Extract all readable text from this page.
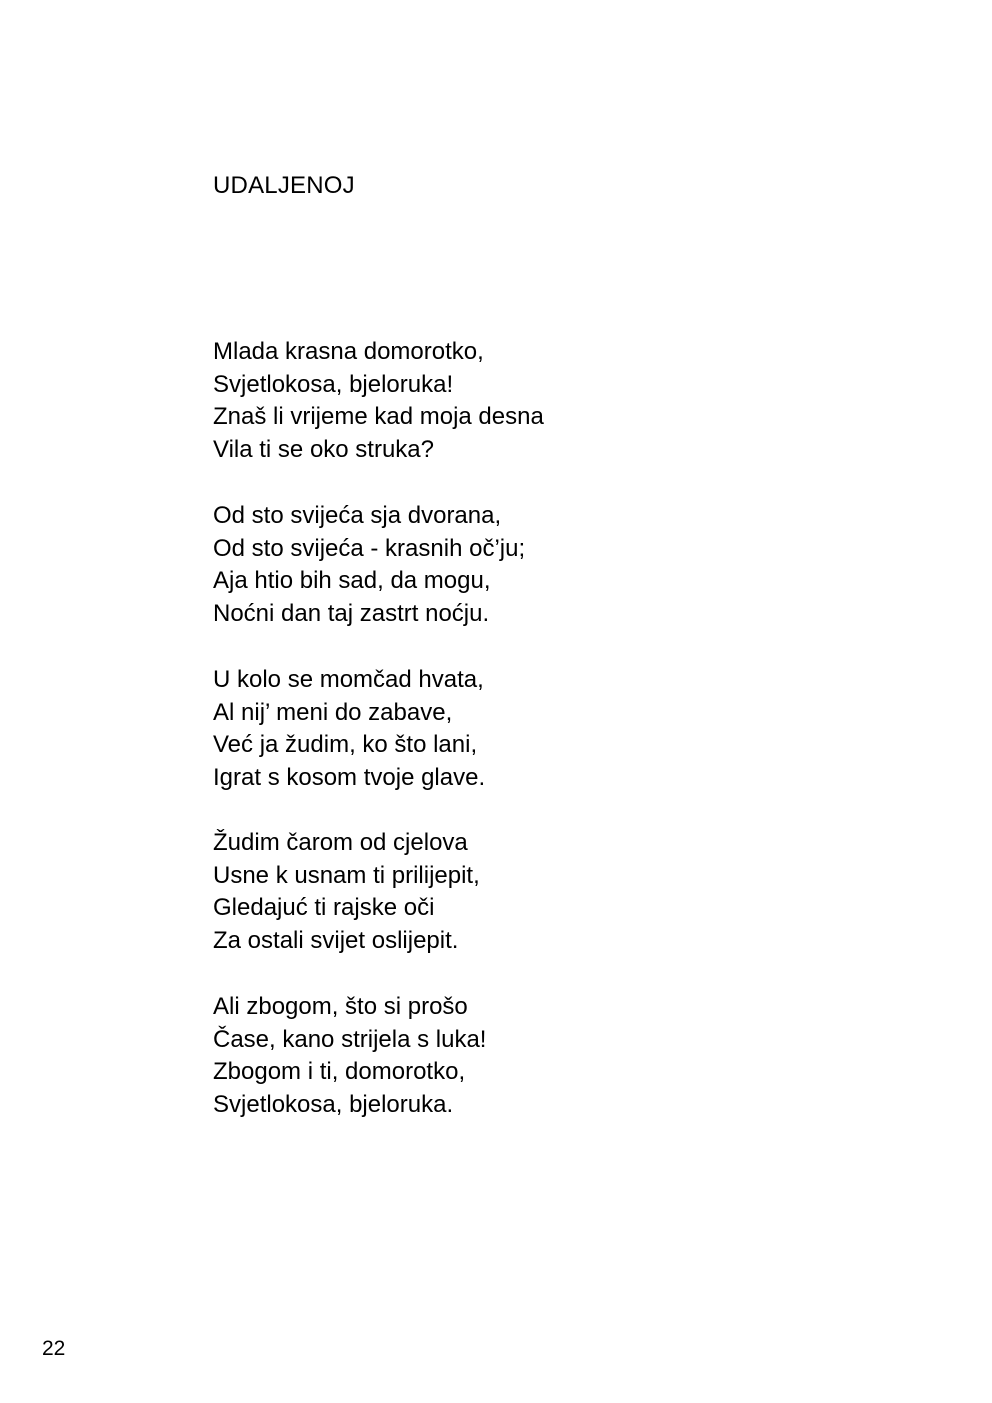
UDALJENOJ
Mlada krasna domorotko,
Svjetlokosa, bjeloruka!
Znaš li vrijeme kad moja desna
Vila ti se oko struka?
Od sto svijeća sja dvorana,
Od sto svijeća - krasnih oč’ju;
Aja htio bih sad, da mogu,
Noćni dan taj zastrt noćju.
U kolo se momčad hvata,
Al nij’ meni do zabave,
Već ja žudim, ko što lani,
Igrat s kosom tvoje glave.
Žudim čarom od cjelova
Usne k usnam ti prilijepit,
Gledajuć ti rajske oči
Za ostali svijet oslijepit.
Ali zbogom, što si prošo
Čase, kano strijela s luka!
Zbogom i ti, domorotko,
Svjetlokosa, bjeloruka.
22
